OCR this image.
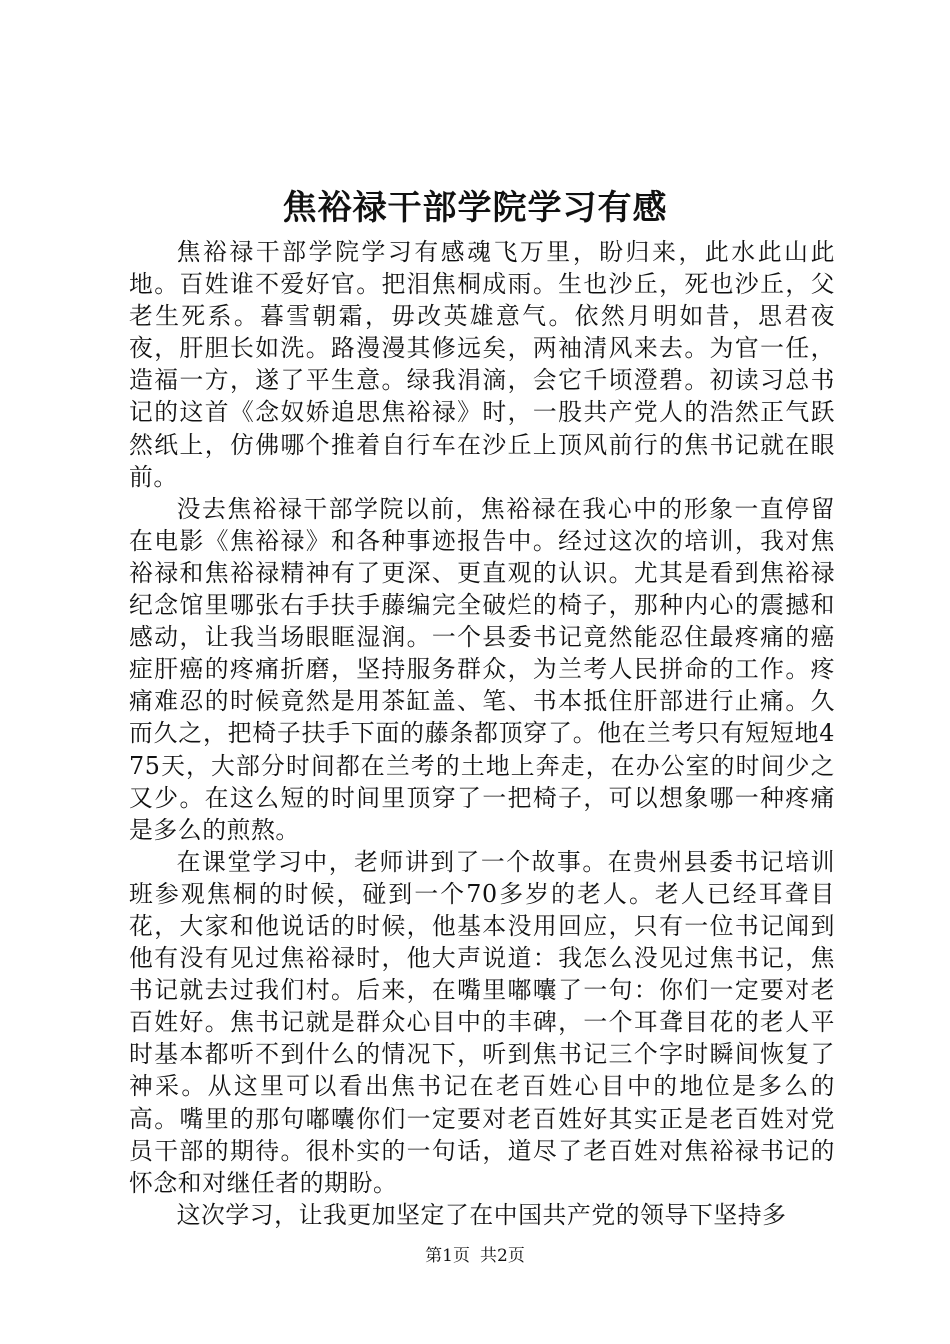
焦裕禄干部学院学习有感

焦裕禄干部学院学习有感魂飞万里，盼归来，此水此山此地。百姓谁不爱好官。把泪焦桐成雨。生也沙丘，死也沙丘，父老生死系。暮雪朝霜，毋改英雄意气。依然月明如昔，思君夜夜，肝胆长如洗。路漫漫其修远矣，两袖清风来去。为官一任，造福一方，遂了平生意。绿我涓滴，会它千顷澄碧。初读习总书记的这首《念奴娇追思焦裕禄》时，一股共产党人的浩然正气跃然纸上，仿佛哪个推着自行车在沙丘上顶风前行的焦书记就在眼前。

没去焦裕禄干部学院以前，焦裕禄在我心中的形象一直停留在电影《焦裕禄》和各种事迹报告中。经过这次的培训，我对焦裕禄和焦裕禄精神有了更深、更直观的认识。尤其是看到焦裕禄纪念馆里哪张右手扶手藤编完全破烂的椅子，那种内心的震撼和感动，让我当场眼眶湿润。一个县委书记竟然能忍住最疼痛的癌症肝癌的疼痛折磨，坚持服务群众，为兰考人民拼命的工作。疼痛难忍的时候竟然是用茶缸盖、笔、书本抵住肝部进行止痛。久而久之，把椅子扶手下面的藤条都顶穿了。他在兰考只有短短地475天，大部分时间都在兰考的土地上奔走，在办公室的时间少之又少。在这么短的时间里顶穿了一把椅子，可以想象哪一种疼痛是多么的煎熬。

在课堂学习中，老师讲到了一个故事。在贵州县委书记培训班参观焦桐的时候，碰到一个70多岁的老人。老人已经耳聋目花，大家和他说话的时候，他基本没用回应，只有一位书记闻到他有没有见过焦裕禄时，他大声说道：我怎么没见过焦书记，焦书记就去过我们村。后来，在嘴里嘟囔了一句：你们一定要对老百姓好。焦书记就是群众心目中的丰碑，一个耳聋目花的老人平时基本都听不到什么的情况下，听到焦书记三个字时瞬间恢复了神采。从这里可以看出焦书记在老百姓心目中的地位是多么的高。嘴里的那句嘟囔你们一定要对老百姓好其实正是老百姓对党员干部的期待。很朴实的一句话，道尽了老百姓对焦裕禄书记的怀念和对继任者的期盼。

这次学习，让我更加坚定了在中国共产党的领导下坚持多

第1页 共2页
